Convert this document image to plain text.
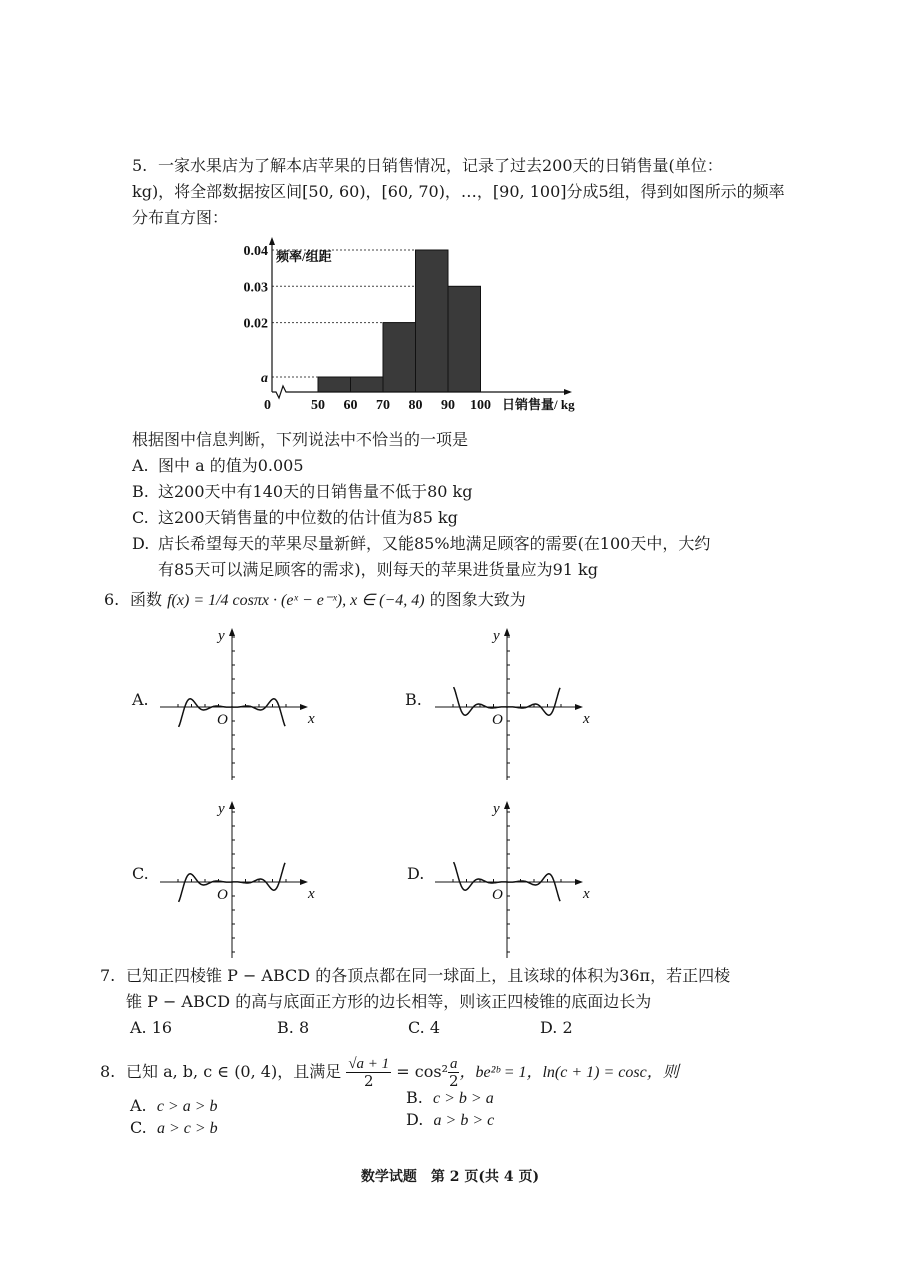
5. 一家水果店为了解本店苹果的日销售情况，记录了过去200天的日销售量(单位：
kg)，将全部数据按区间[50, 60)，[60, 70)，…，[90, 100]分成5组，得到如图所示的频率
分布直方图：
a
0.02
0.03
0.04 频率/组距
0	50 60 70 80 90 100 日销售量/ kg
根据图中信息判断，下列说法中不恰当的一项是
A. 图中 a 的值为0.005
B. 这200天中有140天的日销售量不低于80 kg
C. 这200天销售量的中位数的估计值为85 kg
D. 店长希望每天的苹果尽量新鲜，又能85%地满足顾客的需要(在100天中，大约
有85天可以满足顾客的需求)，则每天的苹果进货量应为91 kg
6. 函数 f(x) = 1/4 cosπx · (eˣ − e⁻ˣ), x ∈ (−4, 4) 的图象大致为
A.
x
y
O
B.
x
y
O
C.
x
y
O
D.
x
y
O
7. 已知正四棱锥 P − ABCD 的各顶点都在同一球面上，且该球的体积为36π，若正四棱
锥 P − ABCD 的高与底面正方形的边长相等，则该正四棱锥的底面边长为
A. 16	B. 8	C. 4	D. 2
8. 已知 a, b, c ∈ (0, 4)，且满足 $\frac{√a + 1}{2} = \cos^2 \frac{a}{2}$ ，be²ᵇ = 1，ln(c + 1) = cosc，则
A. c > a > b	B. c > b > a
C. a > c > b	D. a > b > c
数学试题　第 2 页(共 4 页)
